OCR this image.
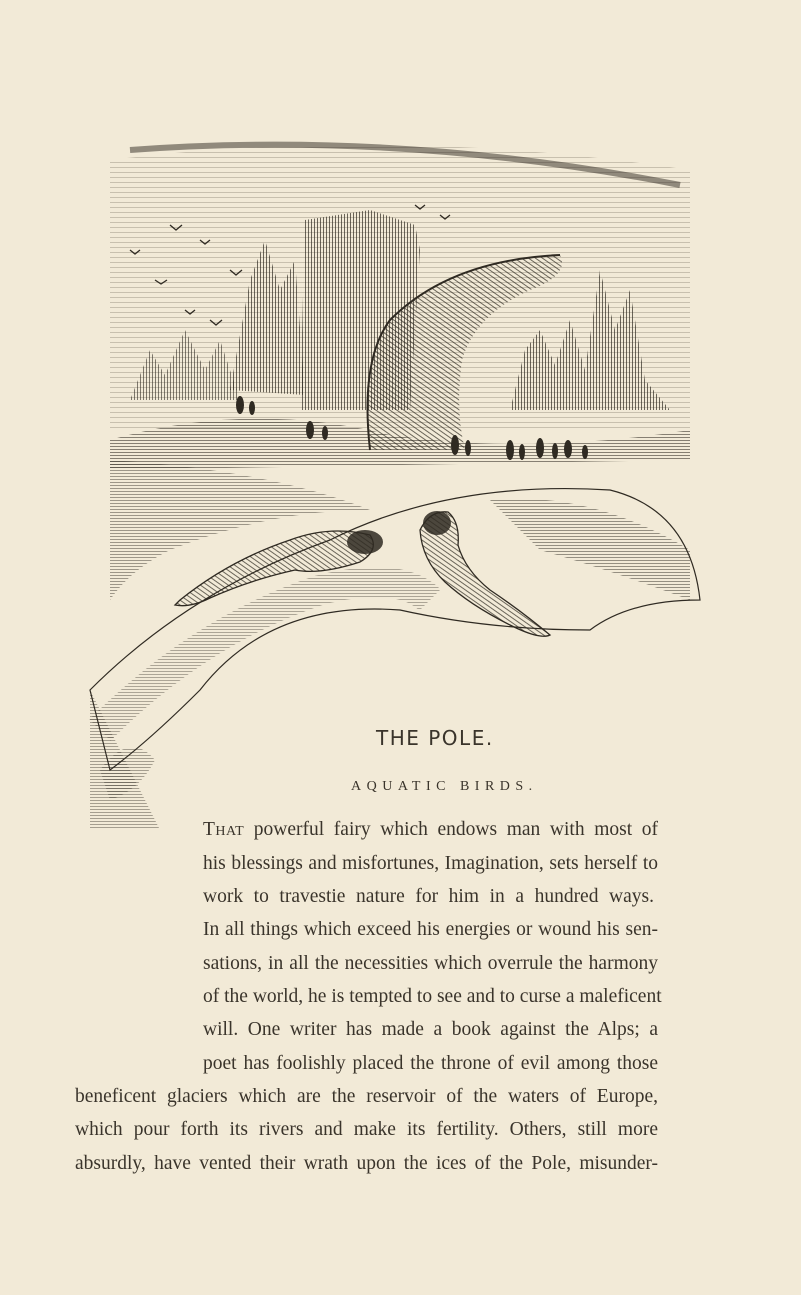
THE POLE.
AQUATIC BIRDS.

That powerful fairy which endows man with most of

his blessings and misfortunes, Imagination, sets herself to

work to travestie nature for him in a hundred ways.

In all things which exceed his energies or wound his sen-

sations, in all the necessities which overrule the harmony

of the world, he is tempted to see and to curse a maleficent

will. One writer has made a book against the Alps; a

poet has foolishly placed the throne of evil among those

beneficent glaciers which are the reservoir of the waters of Europe,

which pour forth its rivers and make its fertility. Others, still more

absurdly, have vented their wrath upon the ices of the Pole, misunder-
